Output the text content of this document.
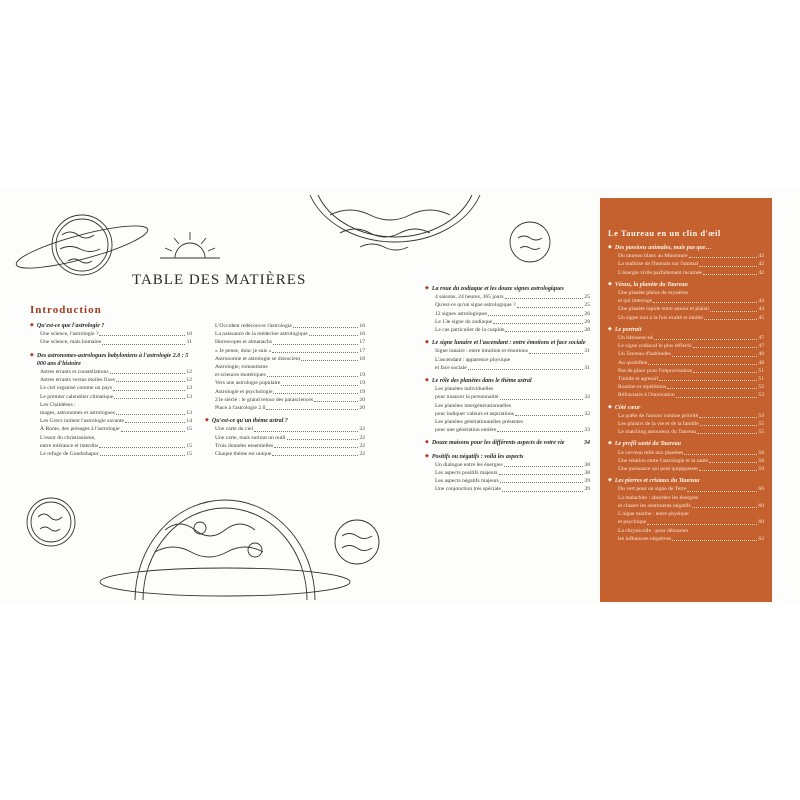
TABLE DES MATIÈRES
Introduction
◆ Qu'est-ce que l'astrologie ?
Une science, l'astrologie ?	10
Une science, mais humaine	11
◆ Des astronomes-astrologues babyloniens à l'astrologie 2.0 : 5 000 ans d'histoire
Astres errants et constellations	12
Astres errants versus étoiles fixes	12
Le ciel organisé comme un pays	13
Le premier calendrier climatique	13
Les Chaldéens :
mages, astronomes et astrologues	13
Les Grecs initient l'astrologie savante	14
À Rome, des présages à l'astrologie	15
L'essor du christianisme,
entre tolérance et interdits	15
Le refuge de Gondishapur	15
L'Occident redécouvre l'astrologie	16
La naissance de la médecine astrologique	16
Horoscopes et almanachs	17
« Je pense, donc je suis »	17
Astronomie et astrologie se dissocient	18
Astrologie, romantisme
et sciences ésotériques	19
Vers une astrologie populaire	19
Astrologie et psychologie	19
21e siècle : le grand retour des parasciences	20
Place à l'astrologie 2.0	20
◆ Qu'est-ce qu'un thème astral ?
Une carte du ciel	22
Une carte, mais surtout un outil	22
Trois données essentielles	22
Chaque thème est unique	22
◆ La roue du zodiaque et les douze signes astrologiques
4 saisons, 24 heures, 365 jours	25
Qu'est-ce qu'un signe astrologique ?	25
12 signes astrologiques	26
Le 13e signe du zodiaque	28
Le cas particulier de la cuspide	28
◆ Le signe lunaire et l'ascendant : entre émotions et face sociale
Signe lunaire : entre intuition et émotions	31
L'ascendant : apparence physique
et face sociale	31
◆ Le rôle des planètes dans le thème astral
Les planètes individuelles
pour nuancer la personnalité	32
Les planètes intergénérationnelles
pour indiquer valeurs et aspirations	32
Les planètes générationnelles présentes
pour une génération entière	33
◆ Douze maisons pour les différents aspects de votre vie	34
◆ Positifs ou négatifs : voilà les aspects
Un dialogue entre les énergies	38
Les aspects positifs majeurs	38
Les aspects négatifs majeurs	39
Une conjonction très spéciale	39
Le Taureau en un clin d'œil
◆ Des passions animales, mais pas que…
Du taureau blanc au Minotaure	42
La maîtrise de l'humain sur l'animal	42
L'énergie virile parfaitement incarnée	42
◆ Vénus, la planète du Taureau
Une planète pleine de mystères
et qui interroge	44
Une planète rapide entre amour et plaisir	44
Un signe tout à la fois exalté et inhibé	45
◆ Le portrait
Un bâtisseur-né	47
Le signe zodiacal le plus réfléchi	47
Un Taureau d'habitudes	48
Au quotidien	48
Pas de place pour l'improvisation	51
Timide et agressif	51
Routine et répétitions	52
Réfractaire à l'innovation	53
◆ Côté cœur
La quête de l'amour comme priorité	54
Les plaisirs de la vie et de la famille	55
Le matching amoureux du Taureau	55
◆ Le profil santé du Taureau
Le cerveau relié aux planètes	58
Une relation entre l'astrologie et la santé	58
Une puissance qui peut quipppasser	59
◆ Les pierres et cristaux du Taureau
Du vert pour un signe de Terre	60
La malachite : absorber les énergies
et classer les sentiments négatifs	60
L'aigue marine : entre physique
et psychique	60
La chrysocolle : pour détourner
les influences négatives	62
